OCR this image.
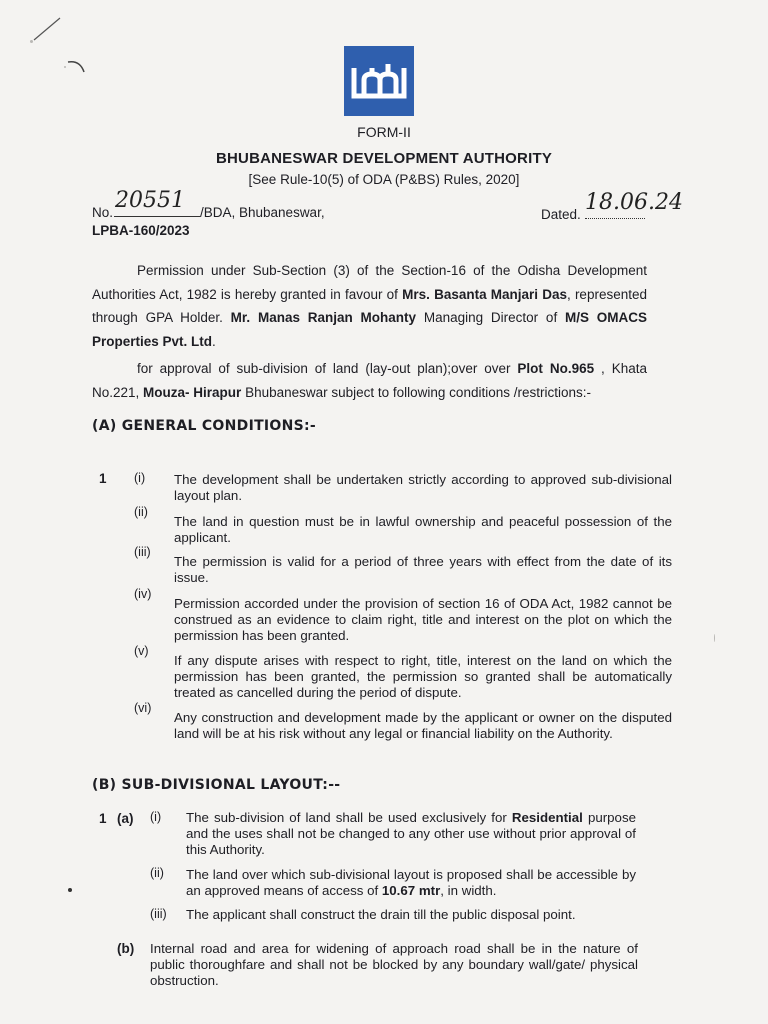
FORM-II
BHUBANESWAR DEVELOPMENT AUTHORITY
[See Rule-10(5) of ODA (P&BS) Rules, 2020]
No. 20551 /BDA, Bhubaneswar,	Dated. 18.06.24
LPBA-160/2023
Permission under Sub-Section (3) of the Section-16 of the Odisha Development Authorities Act, 1982 is hereby granted in favour of Mrs. Basanta Manjari Das, represented through GPA Holder. Mr. Manas Ranjan Mohanty Managing Director of M/S OMACS Properties Pvt. Ltd.
for approval of sub-division of land (lay-out plan);over over Plot No.965 , Khata No.221, Mouza- Hirapur Bhubaneswar subject to following conditions /restrictions:-
(A) GENERAL CONDITIONS:-
1 (i) The development shall be undertaken strictly according to approved sub-divisional layout plan.
(ii)
The land in question must be in lawful ownership and peaceful possession of the applicant.
(iii)
The permission is valid for a period of three years with effect from the date of its issue.
(iv)
Permission accorded under the provision of section 16 of ODA Act, 1982 cannot be construed as an evidence to claim right, title and interest on the plot on which the permission has been granted.
(v)
If any dispute arises with respect to right, title, interest on the land on which the permission has been granted, the permission so granted shall be automatically treated as cancelled during the period of dispute.
(vi)
Any construction and development made by the applicant or owner on the disputed land will be at his risk without any legal or financial liability on the Authority.
(B) SUB-DIVISIONAL LAYOUT:--
1 (a) (i) The sub-division of land shall be used exclusively for Residential purpose and the uses shall not be changed to any other use without prior approval of this Authority.
(ii) The land over which sub-divisional layout is proposed shall be accessible by an approved means of access of 10.67 mtr, in width.
(iii) The applicant shall construct the drain till the public disposal point.
(b) Internal road and area for widening of approach road shall be in the nature of public thoroughfare and shall not be blocked by any boundary wall/gate/ physical obstruction.
